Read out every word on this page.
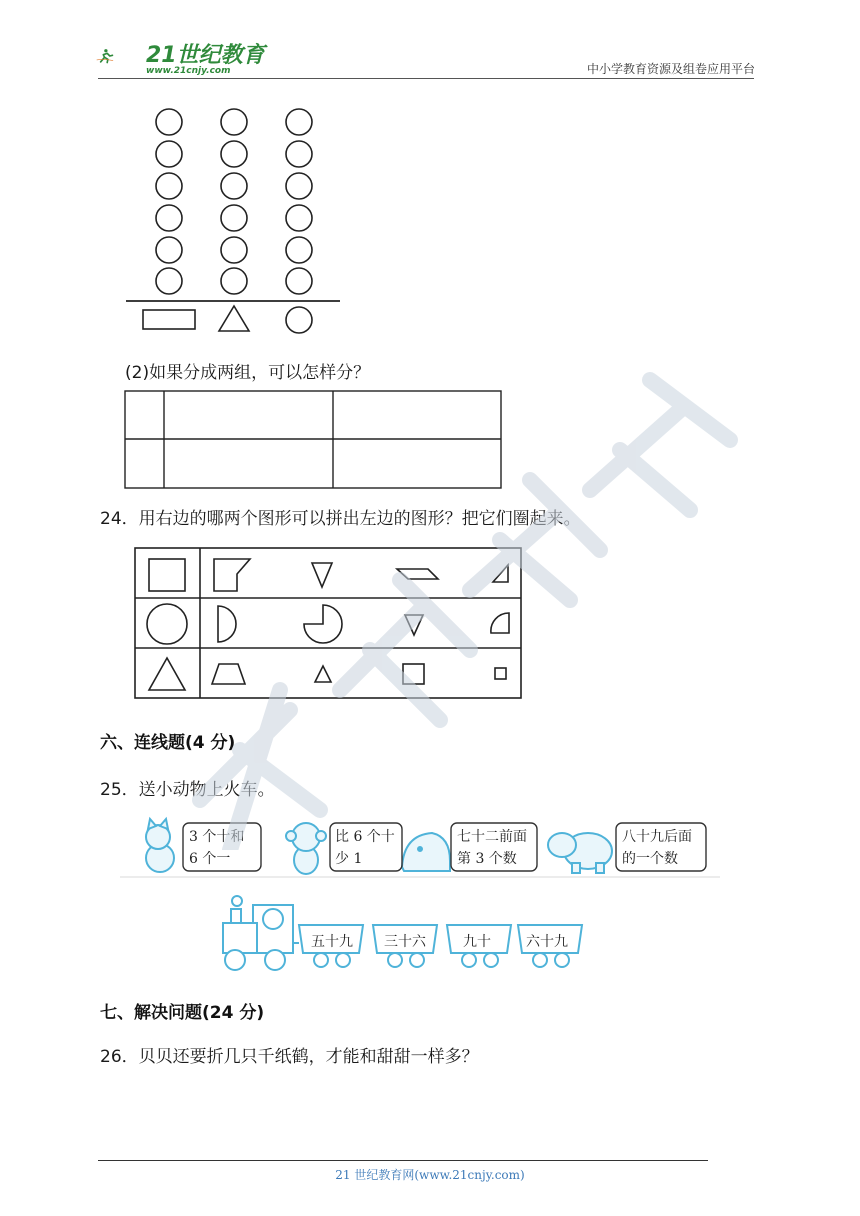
21世纪教育
www.21cnjy.com	中小学教育资源及组卷应用平台
(2)如果分成两组，可以怎样分？
24．用右边的哪两个图形可以拼出左边的图形？把它们圈起来。
六、连线题(4 分)
25．送小动物上火车。
3 个十和
6 个一
比 6 个十
少 1
七十二前面
第 3 个数
八十九后面
的一个数
五十九 三十六	九十	六十九
七、解决问题(24 分)
26．贝贝还要折几只千纸鹤，才能和甜甜一样多？
21 世纪教育网(www.21cnjy.com)
